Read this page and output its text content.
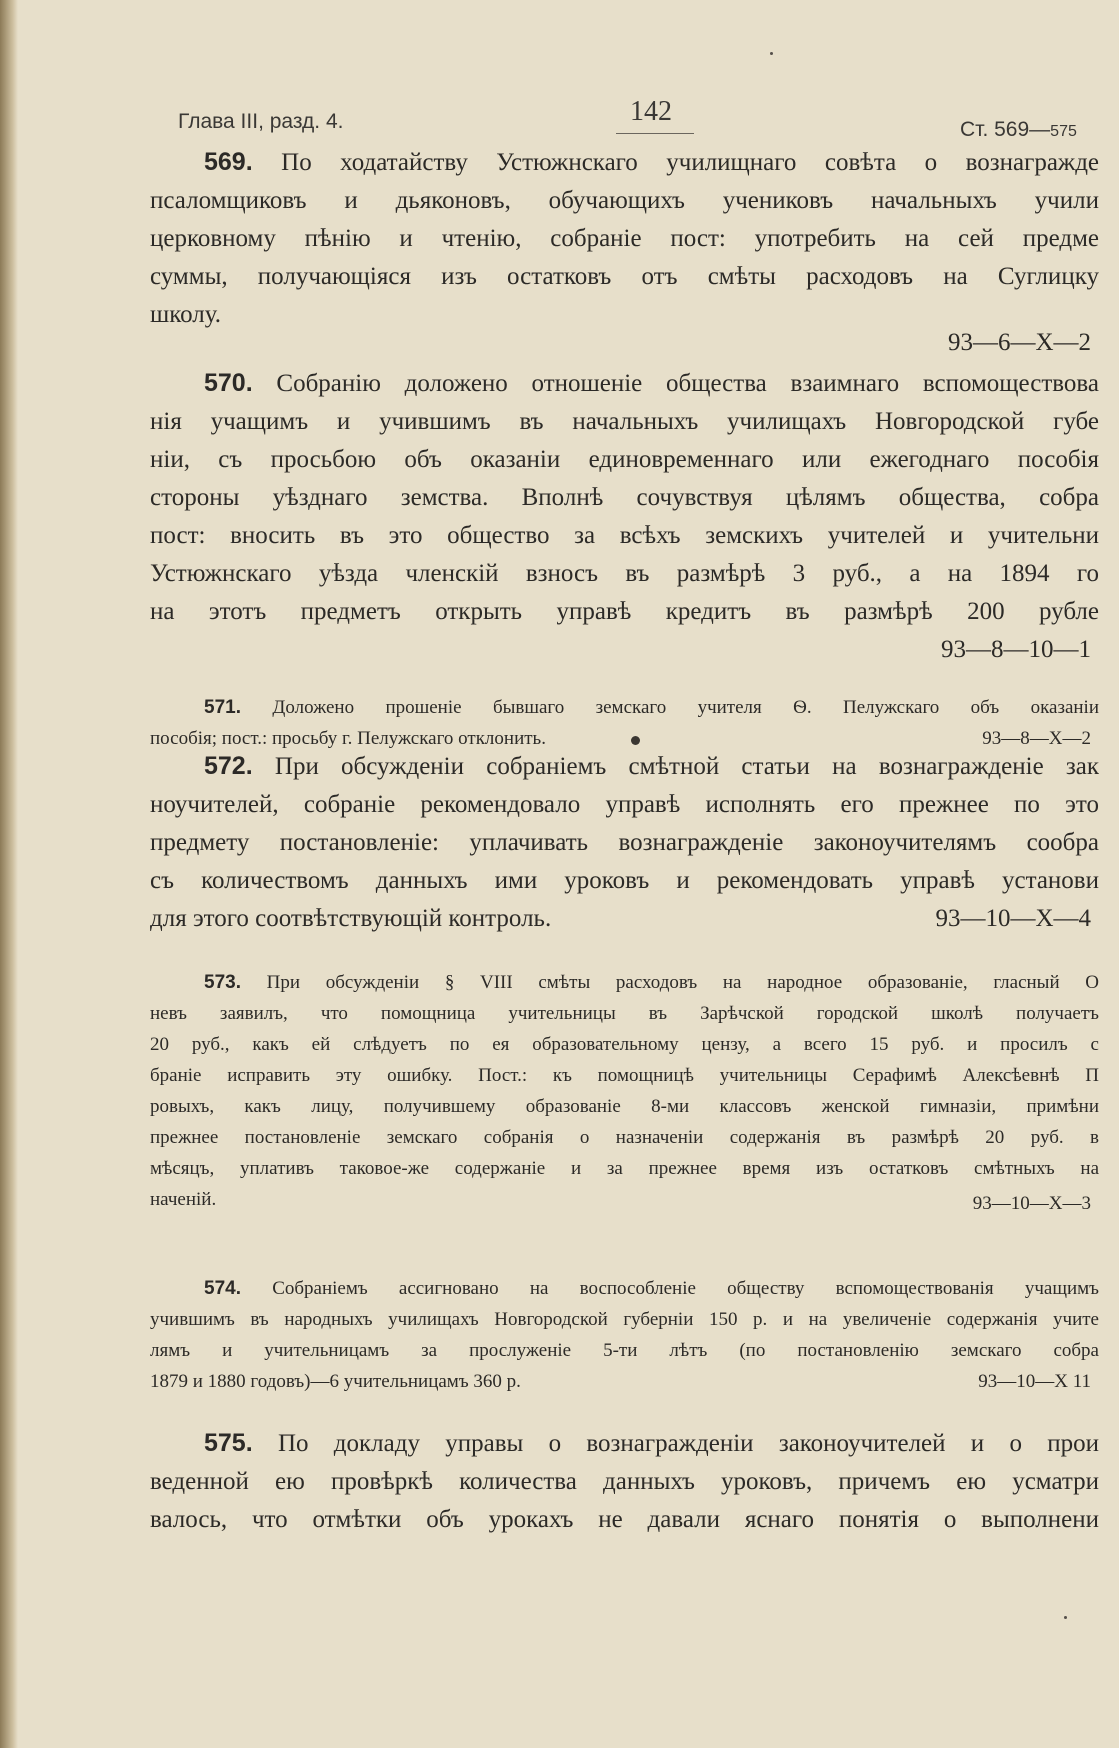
Глава III, разд. 4.	142
Ст. 569—575
569. По ходатайству Устюжнскаго училищнаго совѣта о вознагражде
псаломщиковъ и дьяконовъ, обучающихъ учениковъ начальныхъ учили
церковному пѣнію и чтенію, собраніе пост: употребить на сей предме
суммы, получающіяся изъ остатковъ отъ смѣты расходовъ на Суглицку
школу.
93—6—X—2
570. Собранію доложено отношеніе общества взаимнаго вспомоществова
нія учащимъ и учившимъ въ начальныхъ училищахъ Новгородской губе
ніи, съ просьбою объ оказаніи единовременнаго или ежегоднаго пособія
стороны уѣзднаго земства. Вполнѣ сочувствуя цѣлямъ общества, собра
пост: вносить въ это общество за всѣхъ земскихъ учителей и учительни
Устюжнскаго уѣзда членскій взносъ въ размѣрѣ 3 руб., а на 1894 го
на этотъ предметъ открыть управѣ кредитъ въ размѣрѣ 200 рубле
93—8—10—1
571. Доложено прошеніе бывшаго земскаго учителя Ѳ. Пелужскаго объ оказаніи
пособія; пост.: просьбу г. Пелужскаго отклонить.	93—8—X—2
572. При обсужденіи собраніемъ смѣтной статьи на вознагражденіе зак
ноучителей, собраніе рекомендовало управѣ исполнять его прежнее по это
предмету постановленіе: уплачивать вознагражденіе законоучителямъ сообра
съ количествомъ данныхъ ими уроковъ и рекомендовать управѣ установи
для этого соотвѣтствующій контроль.	93—10—X—4
573. При обсужденіи § VIII смѣты расходовъ на народное образованіе, гласный О
невъ заявилъ, что помощница учительницы въ Зарѣчской городской школѣ получаетъ
20 руб., какъ ей слѣдуетъ по ея образовательному цензу, а всего 15 руб. и просилъ с
браніе исправить эту ошибку. Пост.: къ помощницѣ учительницы Серафимѣ Алексѣевнѣ П
ровыхъ, какъ лицу, получившему образованіе 8-ми классовъ женской гимназіи, примѣни
прежнее постановленіе земскаго собранія о назначеніи содержанія въ размѣрѣ 20 руб. в
мѣсяцъ, уплативъ таковое-же содержаніе и за прежнее время изъ остатковъ смѣтныхъ на
наченій.	93—10—X—3
574. Собраніемъ ассигновано на воспособленіе обществу вспомоществованія учащимъ
учившимъ въ народныхъ училищахъ Новгородской губерніи 150 р. и на увеличеніе содержанія учите
лямъ и учительницамъ за прослуженіе 5-ти лѣтъ (по постановленію земскаго собра
1879 и 1880 годовъ)—6 учительницамъ 360 р.	93—10—X 11
575. По докладу управы о вознагражденіи законоучителей и о прои
веденной ею провѣркѣ количества данныхъ уроковъ, причемъ ею усматри
валось, что отмѣтки объ урокахъ не давали яснаго понятія о выполнени
